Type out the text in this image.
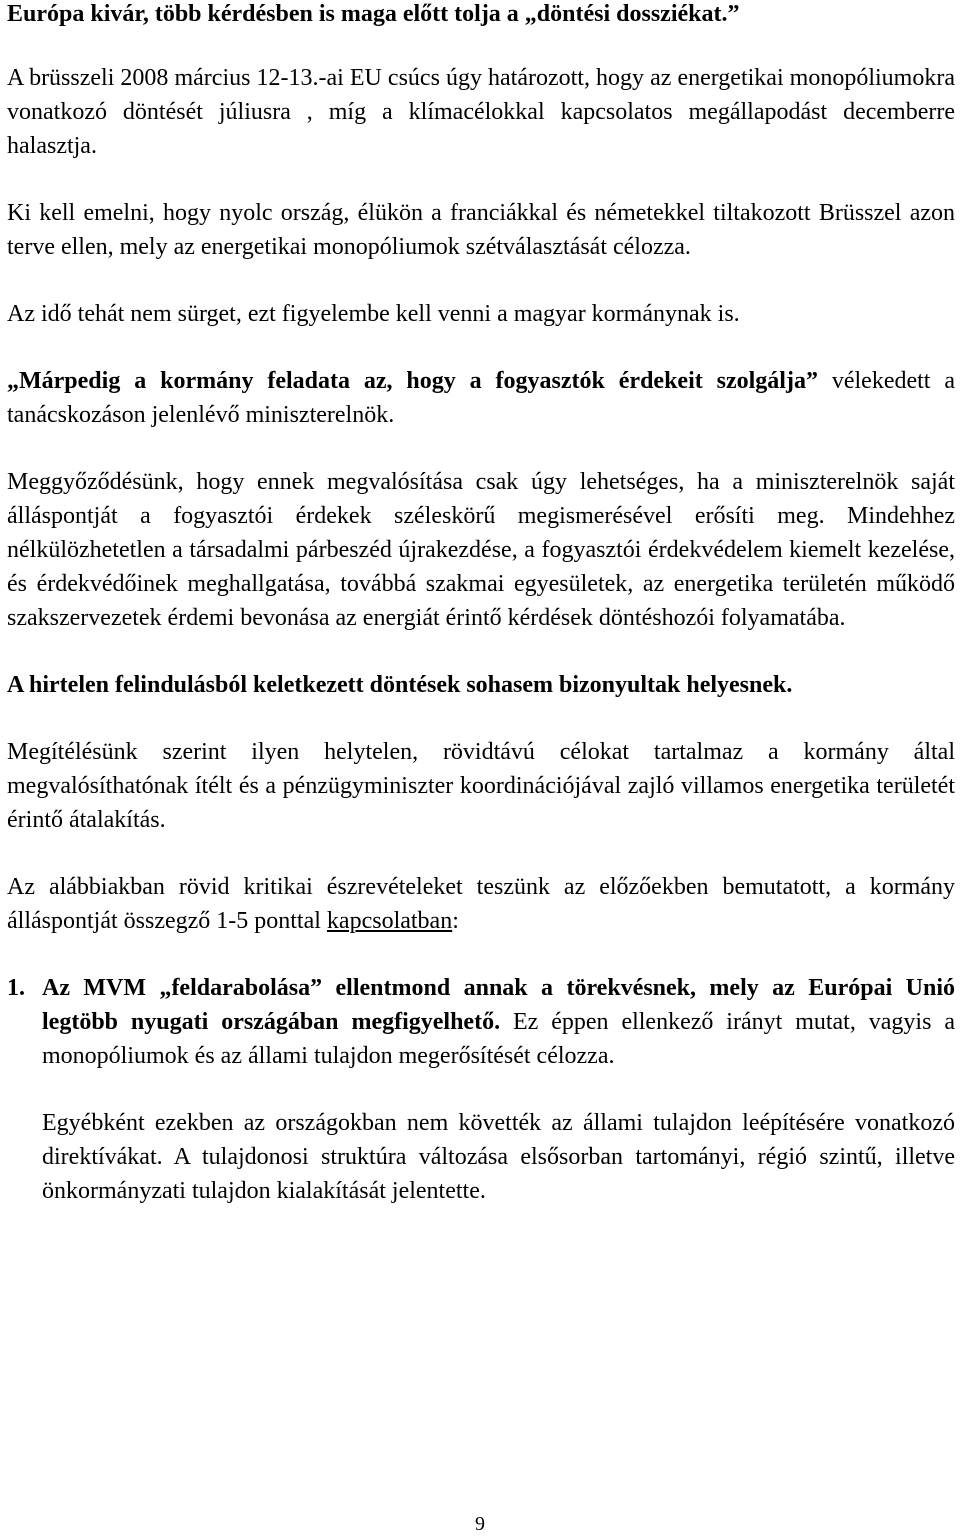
Európa kivár, több kérdésben is maga előtt tolja a „döntési dossziékat.”

A brüsszeli 2008 március 12-13.-ai EU csúcs úgy határozott, hogy az energetikai monopóliumokra vonatkozó döntését júliusra , míg a klímacélokkal kapcsolatos megállapodást decemberre halasztja.

Ki kell emelni, hogy nyolc ország, élükön a franciákkal és németekkel tiltakozott Brüsszel azon terve ellen, mely az energetikai monopóliumok szétválasztását célozza.

Az idő tehát nem sürget, ezt figyelembe kell venni a magyar kormánynak is.

„Márpedig a kormány feladata az, hogy a fogyasztók érdekeit szolgálja” vélekedett a tanácskozáson jelenlévő miniszterelnök.

Meggyőződésünk, hogy ennek megvalósítása csak úgy lehetséges, ha a miniszterelnök saját álláspontját a fogyasztói érdekek széleskörű megismerésével erősíti meg. Mindehhez nélkülözhetetlen a társadalmi párbeszéd újrakezdése, a fogyasztói érdekvédelem kiemelt kezelése, és érdekvédőinek meghallgatása, továbbá szakmai egyesületek, az energetika területén működő szakszervezetek érdemi bevonása az energiát érintő kérdések döntéshozói folyamatába.

A hirtelen felindulásból keletkezett döntések sohasem bizonyultak helyesnek.

Megítélésünk szerint ilyen helytelen, rövidtávú célokat tartalmaz a kormány által megvalósíthatónak ítélt és a pénzügyminiszter koordinációjával zajló villamos energetika területét érintő átalakítás.

Az alábbiakban rövid kritikai észrevételeket teszünk az előzőekben bemutatott, a kormány álláspontját összegző 1-5 ponttal kapcsolatban:

1. Az MVM „feldarabolása” ellentmond annak a törekvésnek, mely az Európai Unió legtöbb nyugati országában megfigyelhető. Ez éppen ellenkező irányt mutat, vagyis a monopóliumok és az állami tulajdon megerősítését célozza.

Egyébként ezekben az országokban nem követték az állami tulajdon leépítésére vonatkozó direktívákat. A tulajdonosi struktúra változása elsősorban tartományi, régió szintű, illetve önkormányzati tulajdon kialakítását jelentette.

9
